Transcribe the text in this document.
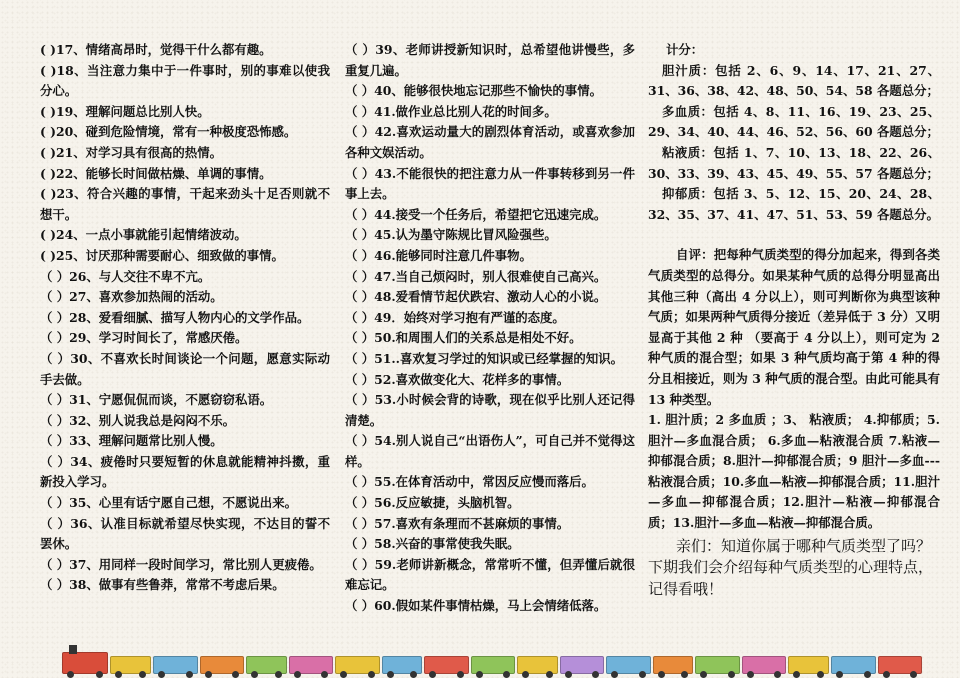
( )17、情绪高昂时，觉得干什么都有趣。

( )18、当注意力集中于一件事时，别的事难以使我分心。

( )19、理解问题总比别人快。

( )20、碰到危险情境，常有一种极度恐怖感。

( )21、对学习具有很高的热情。

( )22、能够长时间做枯燥、单调的事情。

( )23、符合兴趣的事情，干起来劲头十足否则就不想干。

( )24、一点小事就能引起情绪波动。

( )25、讨厌那种需要耐心、细致做的事情。

（ ）26、与人交往不卑不亢。

（ ）27、喜欢参加热闹的活动。

（ ）28、爱看细腻、描写人物内心的文学作品。

（ ）29、学习时间长了，常感厌倦。

（ ）30、不喜欢长时间谈论一个问题，愿意实际动手去做。

（ ）31、宁愿侃侃而谈，不愿窃窃私语。

（ ）32、别人说我总是闷闷不乐。

（ ）33、理解问题常比别人慢。

（ ）34、疲倦时只要短暂的休息就能精神抖擞，重新投入学习。

（ ）35、心里有话宁愿自己想，不愿说出来。

（ ）36、认准目标就希望尽快实现，不达目的誓不罢休。

（ ）37、用同样一段时间学习，常比别人更疲倦。

（ ）38、做事有些鲁莽，常常不考虑后果。

（ ）39、老师讲授新知识时，总希望他讲慢些，多重复几遍。

（ ）40、能够很快地忘记那些不愉快的事情。

（ ）41.做作业总比别人花的时间多。

（ ）42.喜欢运动量大的剧烈体育活动，或喜欢参加各种文娱活动。

（ ）43.不能很快的把注意力从一件事转移到另一件事上去。

（ ）44.接受一个任务后，希望把它迅速完成。

（ ）45.认为墨守陈规比冒风险强些。

（ ）46.能够同时注意几件事物。

（ ）47.当自己烦闷时，别人很难使自己高兴。

（ ）48.爱看情节起伏跌宕、激动人心的小说。

（ ）49．始终对学习抱有严谨的态度。

（ ）50.和周围人们的关系总是相处不好。

（ ）51..喜欢复习学过的知识或已经掌握的知识。

（ ）52.喜欢做变化大、花样多的事情。

（ ）53.小时候会背的诗歌，现在似乎比别人还记得清楚。

（ ）54.别人说自己“出语伤人”，可自己并不觉得这样。

（ ）55.在体育活动中，常因反应慢而落后。

（ ）56.反应敏捷，头脑机智。

（ ）57.喜欢有条理而不甚麻烦的事情。

（ ）58.兴奋的事常使我失眠。

（ ）59.老师讲新概念，常常听不懂，但弄懂后就很难忘记。

（ ）60.假如某件事情枯燥，马上会情绪低落。

计分：

胆汁质：包括 2、6、9、14、17、21、27、31、36、38、42、48、50、54、58 各题总分；

多血质：包括 4、8、11、16、19、23、25、29、34、40、44、46、52、56、60 各题总分；

粘液质：包括 1、7、10、13、18、22、26、30、33、39、43、45、49、55、57 各题总分；

抑郁质：包括 3、5、12、15、20、24、28、32、35、37、41、47、51、53、59 各题总分。

自评：把每种气质类型的得分加起来，得到各类气质类型的总得分。如果某种气质的总得分明显高出其他三种（高出 4 分以上），则可判断你为典型该种气质；如果两种气质得分接近（差异低于 3 分）又明显高于其他 2 种 （要高于 4 分以上），则可定为 2 种气质的混合型；如果 3 种气质均高于第 4 种的得分且相接近，则为 3 种气质的混合型。由此可能具有 13 种类型。

1. 胆汁质；2 多血质 ；3、 粘液质； 4.抑郁质；5.胆汁—多血混合质； 6.多血—粘液混合质 7.粘液—抑郁混合质；8.胆汁—抑郁混合质；9 胆汁—多血---粘液混合质；10.多血—粘液—抑郁混合质；11.胆汁—多血—抑郁混合质；12.胆汁—粘液—抑郁混合质；13.胆汁—多血—粘液—抑郁混合质。

亲们：知道你属于哪种气质类型了吗？下期我们会介绍每种气质类型的心理特点，记得看哦！
